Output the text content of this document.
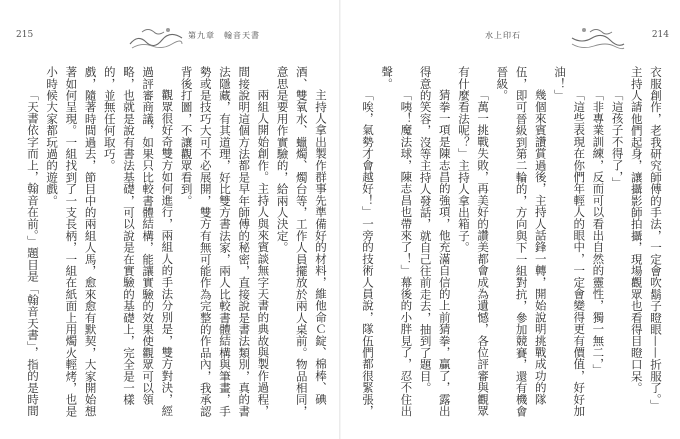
215	第九章　翰音天書

主持人拿出製作群事先準備好的材料，維他命Ｃ錠、棉棒、碘酒、雙氧水、蠟燭、燭台等，工作人員擺放於兩人桌前。物品相同，意思是要用作實驗的，給兩人決定。

兩組人開始創作。主持人與來賓談無字天書的典故與製作過程，間接說明這個方法都是早年師傅的秘密，直接說是書法類別，真的書法隱藏，有其道理，好比雙方書法家，兩人比較書體結構與筆畫，手勢或是技巧大可不必展開，雙方有無可能作為完整的作品內，我承認背後打圖，不讓觀眾看到。

觀眾很好奇雙方如何進行，兩組人的手法分別是，雙方對決，經過評審商議，如果只比較書體結構，能讓實驗的效果使觀眾可以領略，也就是說有書法基礎，可以說是在實驗的基礎上，完全是一樣的，並無任何取巧。

戲，隨著時間過去，節目中的兩組人馬，愈來愈有默契，大家開始想著如何呈現。一組找到了一支長柄，一組在紙面上用燭火輕烤，也是小時候大家都玩過的遊戲。

「天書依字而上，翰音在前。」題目是「翰音天書」，指的是時間

水上印石	214

衣服創作，老我研究師傅的手法，一定會吹鬍子瞪眼——折服了。」主持人請他們起身，讓攝影師拍攝，現場觀眾也看得目瞪口呆。

「這孩子不得了，」

「非專業訓練，反而可以看出自然的靈性，獨一無二，」

「這些表現在你們年輕人的眼中，一定會變得更有價值，好好加油！」

幾個來賓讚賞過後，主持人話鋒一轉，開始說明挑戰成功的隊伍，即可晉級到第二輪的，方向與下一組對抗，參加競賽，還有機會晉級。

「萬一挑戰失敗，再美好的讚美都會成為遺憾，各位評審與觀眾有什麼看法呢？」主持人拿出箱子。

猜拳一項是陳志昌的強項，他充滿自信的上前猜拳，贏了，露出得意的笑容，沒等主持人發話，就自己往前走去，抽到了題目。

「咦！魔法球，陳志昌也帶來了！」幕後的小胖見了，忍不住出聲。

「唉，氣勢才會越好！」一旁的技術人員說，隊伍們都很緊張，
